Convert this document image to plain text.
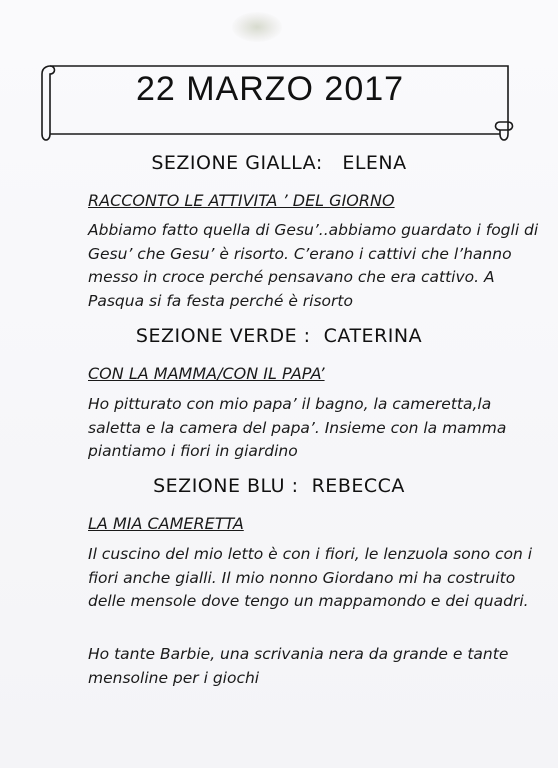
22 MARZO 2017
SEZIONE GIALLA:   ELENA
RACCONTO LE ATTIVITA ’ DEL GIORNO
Abbiamo fatto quella di Gesu’..abbiamo guardato i fogli di Gesu’ che Gesu’ è risorto. C’erano i cattivi che l’hanno messo in croce perché pensavano che era cattivo. A Pasqua si fa festa perché è risorto
SEZIONE VERDE :  CATERINA
CON LA MAMMA/CON IL PAPA’
Ho pitturato con mio papa’ il bagno, la cameretta,la saletta e la camera del papa’. Insieme con la mamma piantiamo i fiori in giardino
SEZIONE BLU :  REBECCA
LA MIA CAMERETTA
Il cuscino del mio letto è con i fiori, le lenzuola sono con i fiori anche gialli. Il mio nonno Giordano mi ha costruito delle mensole dove tengo un mappamondo e dei quadri.
Ho tante Barbie, una scrivania nera da grande e tante mensoline per i giochi
